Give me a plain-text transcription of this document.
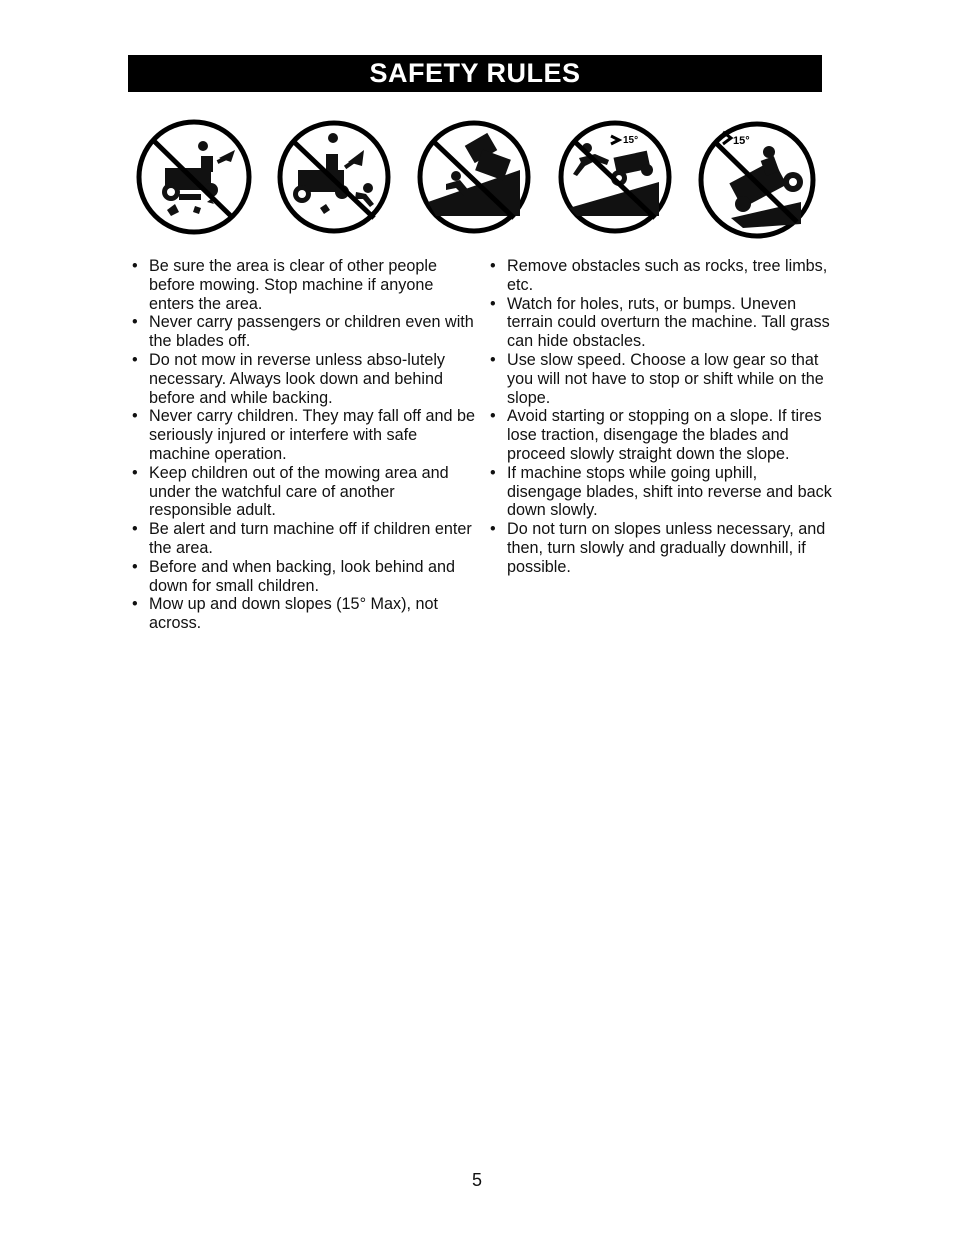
SAFETY RULES
15°	15°
• Be sure the area is clear of other people before mowing. Stop machine if anyone enters the area.
• Never carry passengers or children even with the blades off.
• Do not mow in reverse unless abso-lutely necessary. Always look down and behind before and while backing.
• Never carry children. They may fall off and be seriously injured or interfere with safe machine operation.
• Keep children out of the mowing area and under the watchful care of another responsible adult.
• Be alert and turn machine off if children enter the area.
• Before and when backing, look behind and down for small children.
• Mow up and down slopes (15° Max), not across.
• Remove obstacles such as rocks, tree limbs, etc.
• Watch for holes, ruts, or bumps. Uneven terrain could overturn the machine. Tall grass can hide obstacles.
• Use slow speed. Choose a low gear so that you will not have to stop or shift while on the slope.
• Avoid starting or stopping on a slope. If tires lose traction, disengage the blades and proceed slowly straight down the slope.
• If machine stops while going uphill, disengage blades, shift into reverse and back down slowly.
• Do not turn on slopes unless necessary, and then, turn slowly and gradually downhill, if possible.
5
